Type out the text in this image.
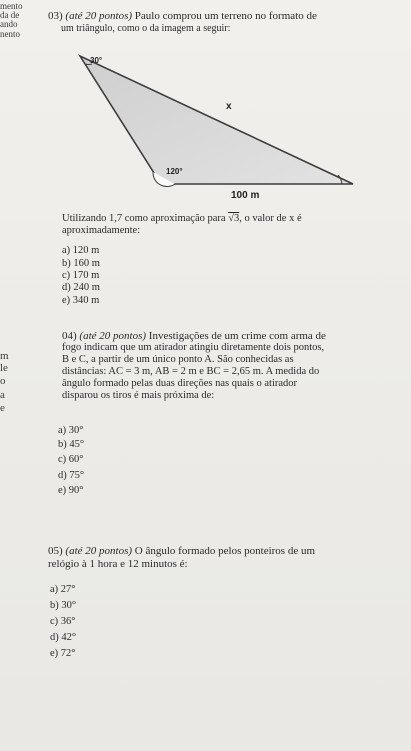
mento
da de
ando
nento
m
le
o
a
e
03) (até 20 pontos) Paulo comprou um terreno no formato de
um triângulo, como o da imagem a seguir:
30°
x
120°
100 m
Utilizando 1,7 como aproximação para √3, o valor de x é
aproximadamente:
a) 120 m
b) 160 m
c) 170 m
d) 240 m
e) 340 m
04) (até 20 pontos) Investigações de um crime com arma de
fogo indicam que um atirador atingiu diretamente dois pontos,
B e C, a partir de um único ponto A. São conhecidas as
distâncias: AC = 3 m, AB = 2 m e BC = 2,65 m. A medida do
ângulo formado pelas duas direções nas quais o atirador
disparou os tiros é mais próxima de:
a) 30°
b) 45°
c) 60°
d) 75°
e) 90°
05) (até 20 pontos) O ângulo formado pelos ponteiros de um
relógio à 1 hora e 12 minutos é:
a) 27°
b) 30°
c) 36°
d) 42°
e) 72°
